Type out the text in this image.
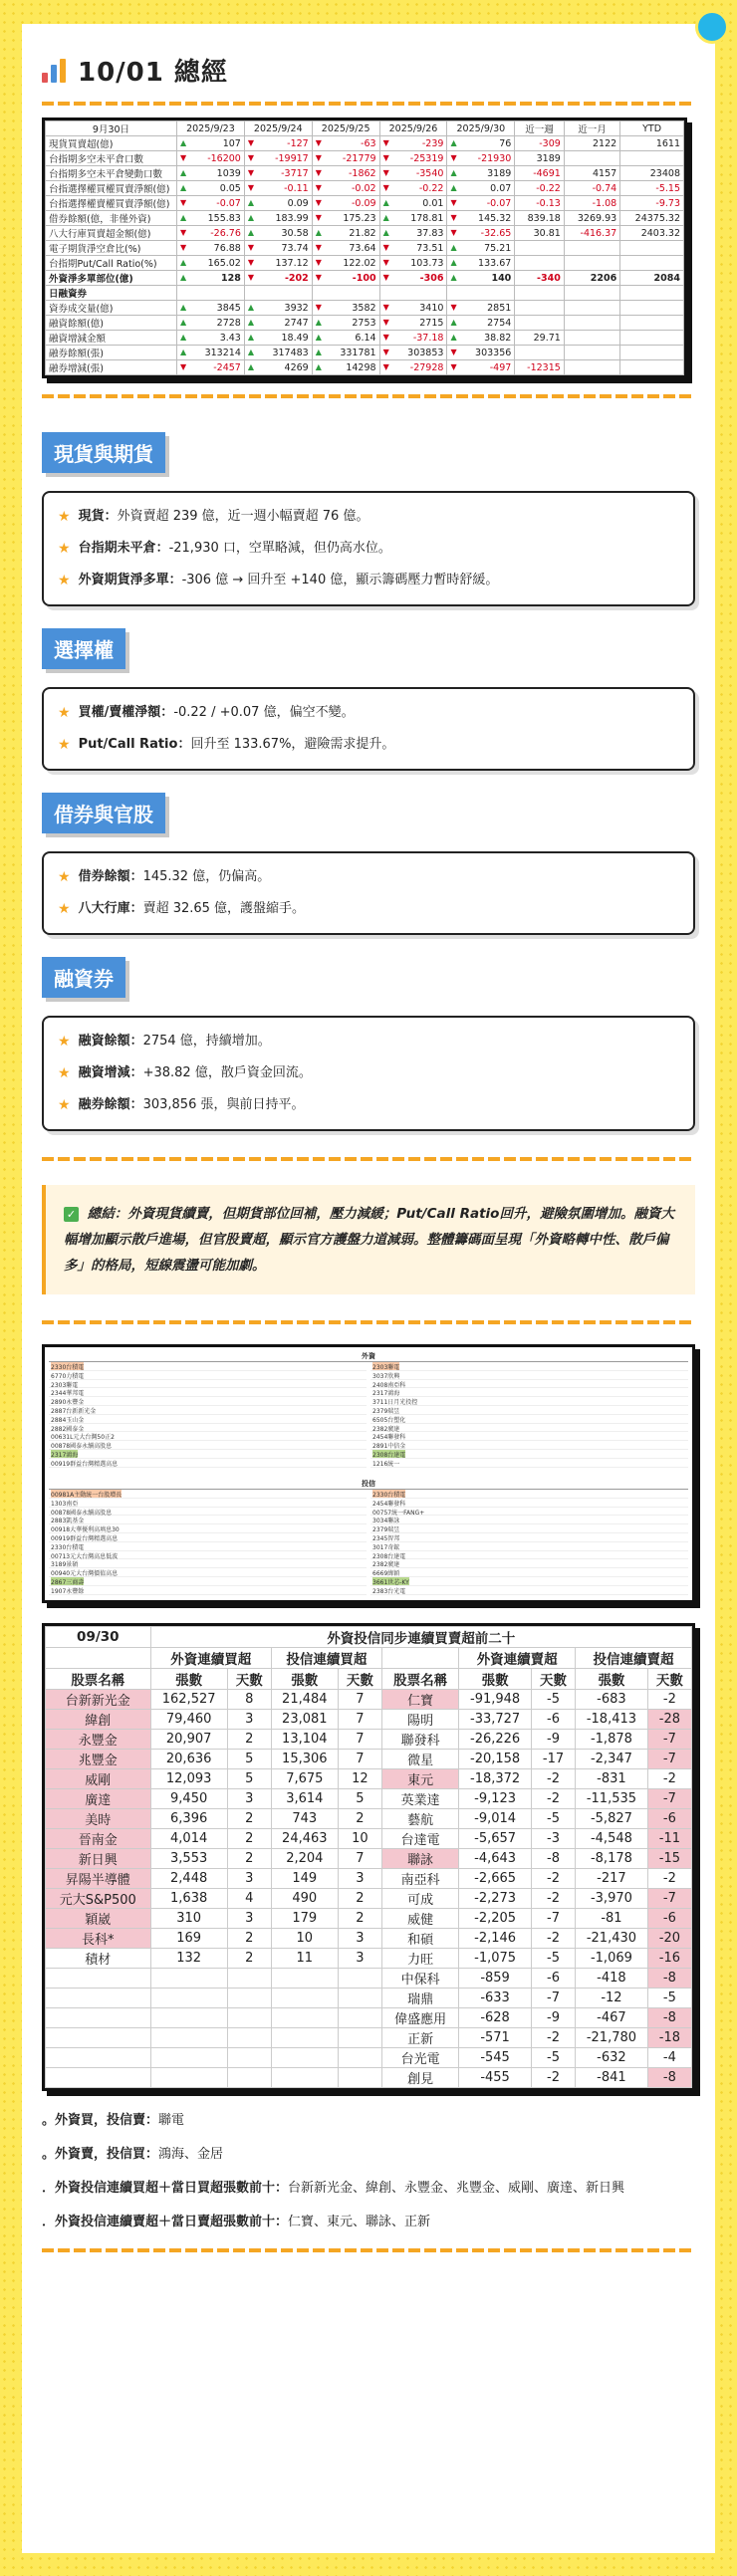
10/01 總經
9月30日	2025/9/23	2025/9/24	2025/9/25	2025/9/26	2025/9/30	近一週	近一月	YTD
現貨買賣超(億)	▲ 107	▼ -127	▼ -63	▼ -239	▲ 76	-309	2122	1611
台指期多空未平倉口數	▼ -16200	▼ -19917	▼ -21779	▼ -25319	▼ -21930	3189		
台指期多空未平倉變動口數	▲ 1039	▼ -3717	▼ -1862	▼ -3540	▲ 3189	-4691	4157	23408
台指選擇權買權買賣淨額(億)	▲ 0.05	▼ -0.11	▼ -0.02	▼ -0.22	▲ 0.07	-0.22	-0.74	-5.15
台指選擇權賣權買賣淨額(億)	▼ -0.07	▲ 0.09	▼ -0.09	▲ 0.01	▼ -0.07	-0.13	-1.08	-9.73
借券餘額(億，非僅外資)	▲ 155.83	▲ 183.99	▼ 175.23	▲ 178.81	▼ 145.32	839.18	3269.93	24375.32
八大行庫買賣超金額(億)	▼ -26.76	▲ 30.58	▲ 21.82	▲ 37.83	▼ -32.65	30.81	-416.37	2403.32
電子期貨淨空倉比(%)	▼ 76.88	▼ 73.74	▼ 73.64	▼ 73.51	▲ 75.21			
台指期Put/Call Ratio(%)	▲ 165.02	▼ 137.12	▼ 122.02	▼ 103.73	▲ 133.67			
外資淨多單部位(億)	▲ 128	▼ -202	▼ -100	▼ -306	▲ 140	-340	2206	2084
日融資券								
資券成交量(億)	▲ 3845	▲ 3932	▼ 3582	▼ 3410	▼ 2851			
融資餘額(億)	▲ 2728	▲ 2747	▲ 2753	▼ 2715	▲ 2754			
融資增減金額	▲ 3.43	▲ 18.49	▲ 6.14	▼ -37.18	▲ 38.82	29.71		
融券餘額(張)	▲ 313214	▲ 317483	▲ 331781	▼ 303853	▼ 303356			
融券增減(張)	▼ -2457	▲ 4269	▲ 14298	▼ -27928	▼ -497	-12315		
現貨與期貨
★ 現貨：外資賣超 239 億，近一週小幅賣超 76 億。
★ 台指期未平倉：-21,930 口，空單略減，但仍高水位。
★ 外資期貨淨多單：-306 億 → 回升至 +140 億，顯示籌碼壓力暫時舒緩。
選擇權
★ 買權/賣權淨額：-0.22 / +0.07 億，偏空不變。
★ Put/Call Ratio：回升至 133.67%，避險需求提升。
借券與官股
★ 借券餘額：145.32 億，仍偏高。
★ 八大行庫：賣超 32.65 億，護盤縮手。
融資券
★ 融資餘額：2754 億，持續增加。
★ 融資增減：+38.82 億，散戶資金回流。
★ 融券餘額：303,856 張，與前日持平。
✓ 總結：外資現貨續賣，但期貨部位回補，壓力減緩；Put/Call Ratio回升，避險氛圍增加。融資大幅增加顯示散戶進場，但官股賣超，顯示官方護盤力道減弱。整體籌碼面呈現「外資略轉中性、散戶偏多」的格局，短線震盪可能加劇。
外資
2330台積電
6770力積電
2303聯電
2344華邦電
2890永豐金
2887台新新光金
2884玉山金
2882國泰金
00631L元大台灣50正2
00878國泰永續高股息
2317鴻海
00919群益台灣精選高息
2303聯電
3037欣興
2408南亞科
2317鴻海
3711日月光投控
2379瑞昱
6505台塑化
2382廣達
2454聯發科
2891中信金
2308台達電
1216統一
投信
00981A主動統一台股增長
1303南亞
00878國泰永續高股息
2883凱基金
00918大華優利高填息30
00919群益台灣精選高息
2330台積電
00713元大台灣高息低波
3189景碩
00940元大台灣價值高息
2867三商壽
1907永豐餘
2330台積電
2454聯發科
00757統一FANG+
3034聯詠
2379瑞昱
2345智邦
3017奇鋐
2308台達電
2382廣達
6669緯穎
3661世芯-KY
2383台光電
09/30	外資投信同步連續買賣超前二十								
	外資連續買超		投信連續買超			外資連續賣超		投信連續賣超	
股票名稱	張數	天數	張數	天數	股票名稱	張數	天數	張數	天數
台新新光金	162,527	8	21,484	7	仁寶	-91,948	-5	-683	-2
緯創	79,460	3	23,081	7	陽明	-33,727	-6	-18,413	-28
永豐金	20,907	2	13,104	7	聯發科	-26,226	-9	-1,878	-7
兆豐金	20,636	5	15,306	7	微星	-20,158	-17	-2,347	-7
威剛	12,093	5	7,675	12	東元	-18,372	-2	-831	-2
廣達	9,450	3	3,614	5	英業達	-9,123	-2	-11,535	-7
美時	6,396	2	743	2	藝航	-9,014	-5	-5,827	-6
晉南金	4,014	2	24,463	10	台達電	-5,657	-3	-4,548	-11
新日興	3,553	2	2,204	7	聯詠	-4,643	-8	-8,178	-15
昇陽半導體	2,448	3	149	3	南亞科	-2,665	-2	-217	-2
元大S&P500	1,638	4	490	2	可成	-2,273	-2	-3,970	-7
穎崴	310	3	179	2	威健	-2,205	-7	-81	-6
長科*	169	2	10	3	和碩	-2,146	-2	-21,430	-20
積材	132	2	11	3	力旺	-1,075	-5	-1,069	-16
					中保科	-859	-6	-418	-8
					瑞鼎	-633	-7	-12	-5
					偉盛應用	-628	-9	-467	-8
					正新	-571	-2	-21,780	-18
					台光電	-545	-5	-632	-4
					創見	-455	-2	-841	-8
。外資買，投信賣：聯電
。外資賣，投信買：鴻海、金居
．外資投信連續買超＋當日買超張數前十：台新新光金、緯創、永豐金、兆豐金、威剛、廣達、新日興
．外資投信連續賣超＋當日賣超張數前十：仁寶、東元、聯詠、正新
